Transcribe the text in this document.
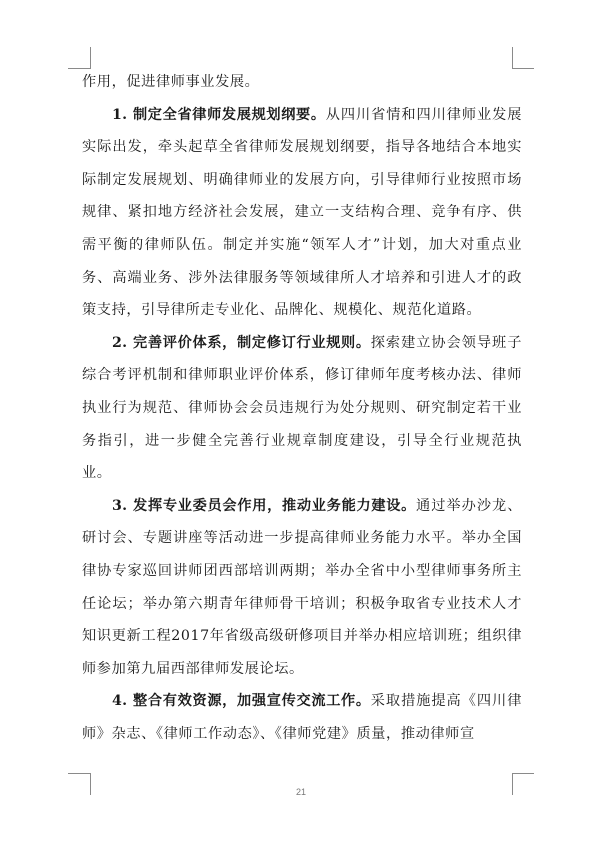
作用，促进律师事业发展。

1. 制定全省律师发展规划纲要。从四川省情和四川律师业发展实际出发，牵头起草全省律师发展规划纲要，指导各地结合本地实际制定发展规划、明确律师业的发展方向，引导律师行业按照市场规律、紧扣地方经济社会发展，建立一支结构合理、竞争有序、供需平衡的律师队伍。制定并实施“领军人才”计划，加大对重点业务、高端业务、涉外法律服务等领域律所人才培养和引进人才的政策支持，引导律所走专业化、品牌化、规模化、规范化道路。

2. 完善评价体系，制定修订行业规则。探索建立协会领导班子综合考评机制和律师职业评价体系，修订律师年度考核办法、律师执业行为规范、律师协会会员违规行为处分规则、研究制定若干业务指引，进一步健全完善行业规章制度建设，引导全行业规范执业。

3. 发挥专业委员会作用，推动业务能力建设。通过举办沙龙、研讨会、专题讲座等活动进一步提高律师业务能力水平。举办全国律协专家巡回讲师团西部培训两期；举办全省中小型律师事务所主任论坛；举办第六期青年律师骨干培训；积极争取省专业技术人才知识更新工程2017年省级高级研修项目并举办相应培训班；组织律师参加第九届西部律师发展论坛。

4. 整合有效资源，加强宣传交流工作。采取措施提高《四川律师》杂志、《律师工作动态》、《律师党建》质量，推动律师宣

21
